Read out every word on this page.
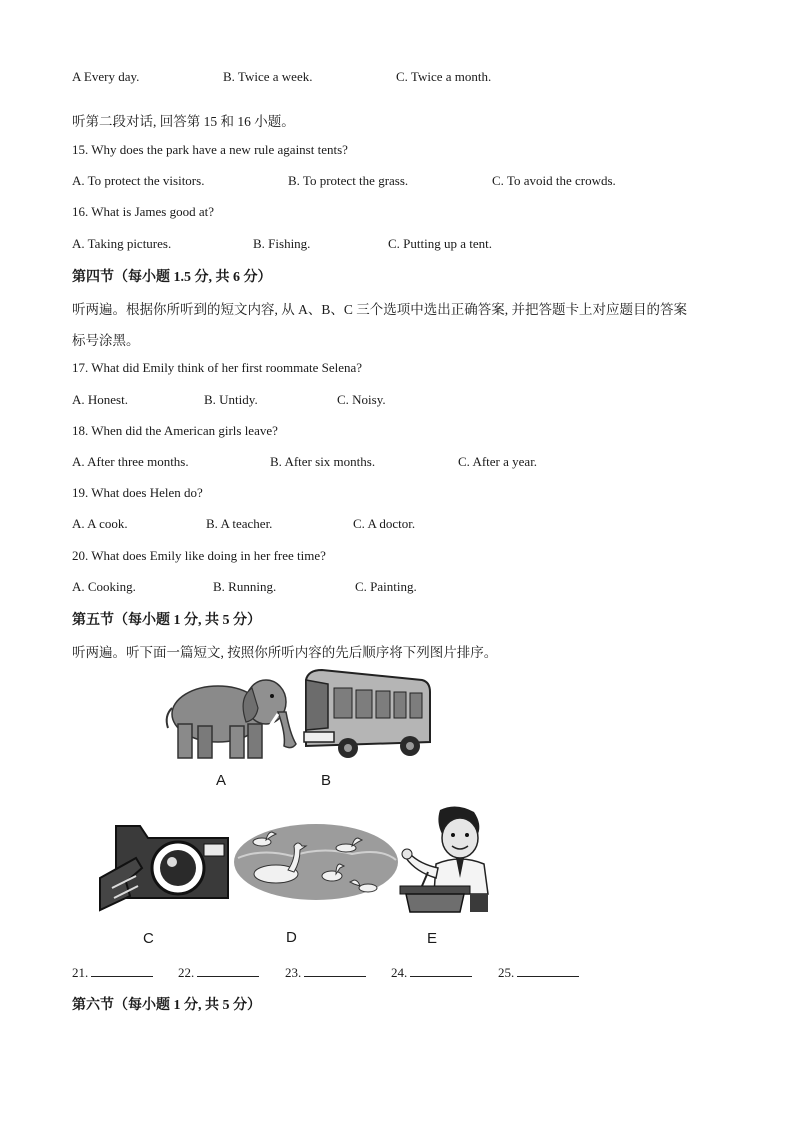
A Every day.	B. Twice a week.	C. Twice a month.
听第二段对话, 回答第 15 和 16 小题。
15. Why does the park have a new rule against tents?
A. To protect the visitors.	B. To protect the grass.	C. To avoid the crowds.
16. What is James good at?
A. Taking pictures.	B. Fishing.	C. Putting up a tent.
第四节（每小题 1.5 分, 共 6 分）
听两遍。根据你所听到的短文内容, 从 A、B、C 三个选项中选出正确答案, 并把答题卡上对应题目的答案
标号涂黑。
17. What did Emily think of her first roommate Selena?
A. Honest.	B. Untidy.	C. Noisy.
18. When did the American girls leave?
A. After three months.	B. After six months.	C. After a year.
19. What does Helen do?
A. A cook.	B. A teacher.	C. A doctor.
20. What does Emily like doing in her free time?
A. Cooking.	B. Running.	C. Painting.
第五节（每小题 1 分, 共 5 分）
听两遍。听下面一篇短文, 按照你所听内容的先后顺序将下列图片排序。
A	B
C	D	E
21.	22.	23.	24.	25.
第六节（每小题 1 分, 共 5 分）
